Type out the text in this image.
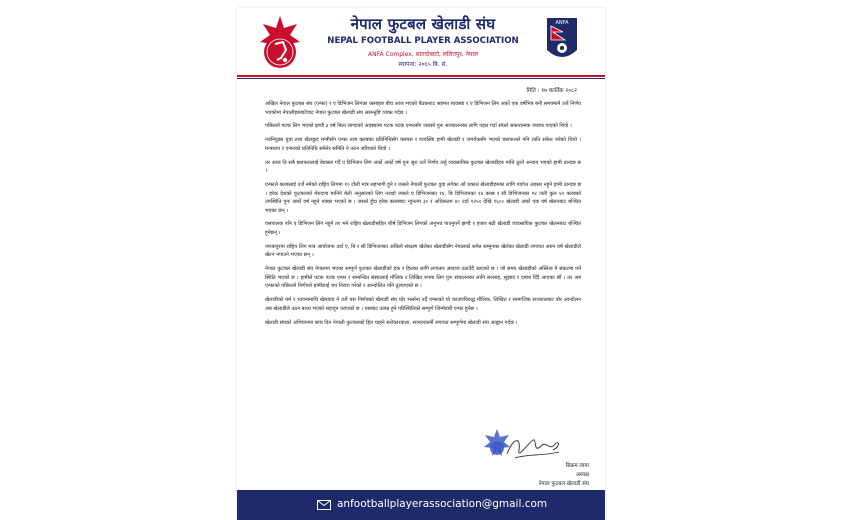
नेपाल फुटबल खेलाडी संघ
NEPAL FOOTBALL PLAYER ASSOCIATION
ANFA Complex, सातदोबाटो, ललितपुर, नेपाल
स्थापना: २०६५ बि. सं.
ANFA
मिति : १७ कार्तिक २०८२

अखिल नेपाल फुटबल संघ (एन्फा) र ए डिभिजन लिगका क्लबहरु बीच आज भएको बैठकबाट सहमत ब्यवस्था र ए डिभिजन लिग अर्को एक वर्षभित्र बनी समयमानै उर्जे निर्णय भएकोमा नेपालीहरुबाटैवाट नेपाल फुटबल खेलाडी संघ असन्तुष्टि व्यक्त गर्दछ ।

पछिल्लो पटक लिग भएको झण्डै ३ वर्ष बित्न लाग्दाको अवस्थामा पटक पटक एन्फासँग जलसो पुनः सञ्चालनका लागि पहल गर्दा संघले सकारात्मक जवाफ पाएको थियो ।

नवनियुक्त युवा तथा खेलकुद मन्त्रीसँग एन्फा तथा क्लबका प्रतिनिधिसँग क्लबस र व्यवस्थाि हामी खेलाडी र जमर्यकसँग भएको छलफलले पनि त्यति संकेत जरेको थियो । मन्त्रालय र एन्फाको प्रतिनिधि समेतेर समिति ने उठन जरियको थियो ।

तर आज ति सबै छलफललाई बेवास्ता गर्दै ए डिभिजन लिग अर्को अर्को वर्ष पुनः सुरु उर्जे निर्णय उर्जु व्यवसायिक फुटबल खेलाडीहरु माथि ठूलो अन्याय भएको हामी ठान्दछ छ ।

एन्फाले क्लबलाई उर्जे नमेको राष्ट्रिय लिगमा १० टोली मात्र सहभागी हुने र जसले नेपाली फुटबल युवा लगेका आँ धकाल खेलाडीहरुका लागि पर्याप्त अवसर नहुने हामी ठान्दछ छ । हरेक देशको फुटबलको मेरुदण्ड मानिने बेली अनुसारको लिग नजर्दा जसले ए डिभिजनका १४, बि डिभिजनका १४ क्लब र सी डिभिजनका १४ जती कुल ४२ क्लबको उपस्थिति पुनः अर्को वर्ष नहुने पक्का भएको छ । जसले हुँदा हरेक क्लबबाट न्युनतम ३० र अधिकतम ४० उर्दा १२५० देखि १६०० खेलाडी अर्को एक वर्ष खेलनबाट बञ्चित भएका छन् ।

यसपालक पनि ए डिभिजन लिग नहुने तर भने राष्ट्रिय खेलाडीसहित शीर्ष डिभिजन लिगको अनुभव पाउनुपर्ने झण्डै १ हजार बढी खेलाडी व्यवसायिक फुटबल खेलनबाट बञ्चित हुनेछन् ।

जनकपुरमा राष्ट्रिय लिग मात्र आयोजना उर्दा ए, बि र सी डिभिजनका अधिलो संरक्षण खेलेका खेलाडीसँग नेपालको समेत सम्मुनका खेलेका खेलाडी लगायत अरुन वर्ष खेलाडीले खेल्न नपाउने भएका छन् ।

नेपाल फुटबल खेलाडी संघ नेपालमा भएका सम्पूर्ण फुटबल खेलाडीको हक र हितका लागि लगातार आवाज उठाउँदै आएको छ । जो समय खेलाडीको अस्तित्व नै संकटमा पर्ने स्थिति भएको छ । हामीले पटक पटक एन्फा र सम्बन्धित संस्थालाई मौलिक र लिखित रुपमा लिग पुनः संचालनका लागि सल्लाह, सुझाव र दबाब दिँदै आएका छौं । तर अब एन्फाको पछिल्लो निर्णयले हामीलाई थप निराश गरेको र आन्दोलित पनि तुल्याएको छ ।

खेलाडीको मर्म र भावनामाथि खेलवाड ने उर्जे यस निर्णयको खेलाडी संघ घोर भर्त्सना उर्दै एन्फाको यो काउणविरुद्ध मौलिक, लिखित र सामाजिक सञ्जालबाट त्रोर आन्दोलन अब खेलाडीले उठन बाध्य भएको सहजून उराएको छ । यसबाट उत्पन्न हुने परिस्थितिको सम्पूर्ण जिम्मेवारी एन्फा हुनेछ ।

खेलाडी संघको अभियानमा साथ दिन नेपाली फुटबलको हित चाहने सरोकारवाला, सञ्चारकर्मी लगायत सम्पूर्णमा खेलाडी संघ आह्वान गर्दछ ।

बिक्रम लामा
अध्यक्ष
नेपाल फुटबल खेलाडी संघ
anfootballplayerassociation@gmail.com
